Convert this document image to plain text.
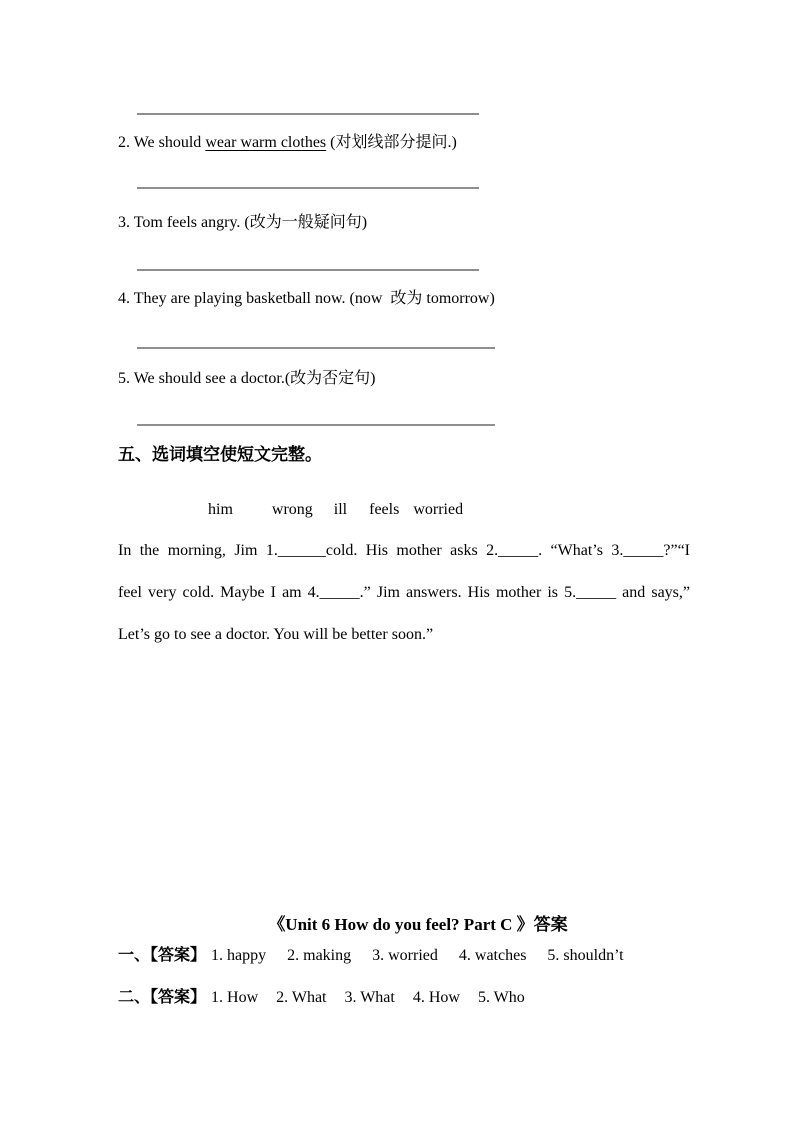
2. We should wear warm clothes (对划线部分提问.)

3. Tom feels angry. (改为一般疑问句)

4. They are playing basketball now. (now  改为 tomorrow)

5. We should see a doctor.(改为否定句)

五、选词填空使短文完整。
him wrong ill feels worried
In the morning, Jim 1.______cold. His mother asks 2._____. “What’s 3._____?”“I
feel very cold. Maybe I am 4._____.” Jim answers. His mother is 5._____ and says,”
Let’s go to see a doctor. You will be better soon.”
《Unit 6 How do you feel? Part C 》答案
一、【答案】 1. happy 2. making 3. worried 4. watches 5. shouldn’t
二、【答案】 1. How 2. What 3. What 4. How 5. Who
